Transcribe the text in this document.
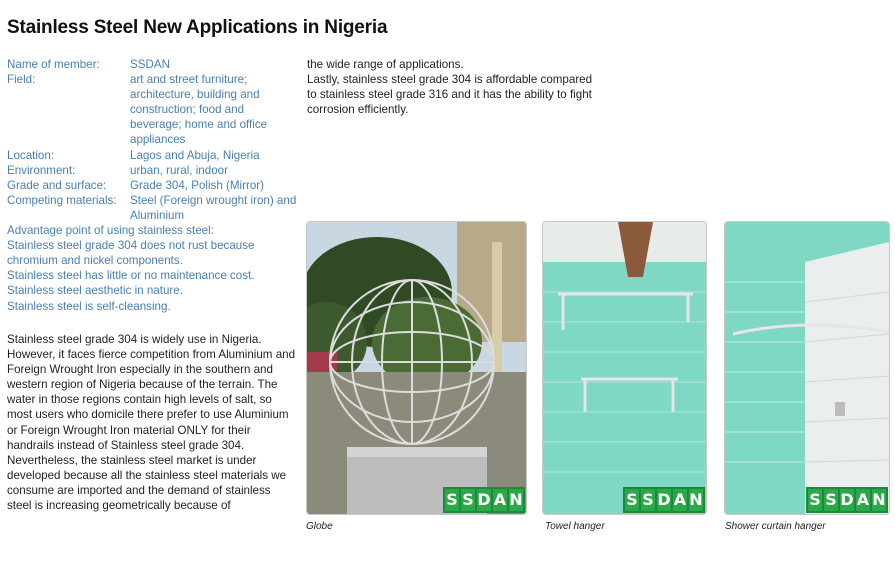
Stainless Steel New Applications in Nigeria
Name of member:	SSDAN
Field:	art and street furniture; architecture, building and construction; food and beverage; home and office appliances
Location:	Lagos and Abuja, Nigeria
Environment:	urban, rural, indoor
Grade and surface:	Grade 304, Polish (Mirror)
Competing materials:	Steel (Foreign wrought iron) and Aluminium
Advantage point of using stainless steel:
Stainless steel grade 304 does not rust because
chromium and nickel components.
Stainless steel has little or no maintenance cost.
Stainless steel aesthetic in nature.
Stainless steel is self-cleansing.

Stainless steel grade 304 is widely use in Nigeria. However, it faces fierce competition from Aluminium and Foreign Wrought Iron especially in the southern and western region of Nigeria because of the terrain. The water in those regions contain high levels of salt, so most users who domicile there prefer to use Aluminium or Foreign Wrought Iron material ONLY for their handrails instead of Stainless steel grade 304.

Nevertheless, the stainless steel market is under developed because all the stainless steel materials we consume are imported and the demand of stainless steel is increasing geometrically because of

the wide range of applications.

Lastly, stainless steel grade 304 is affordable compared to stainless steel grade 316 and it has the ability to fight corrosion efficiently.

S S D A N	S S D A N	S S D A N
Globe	Towel hanger	Shower curtain hanger
